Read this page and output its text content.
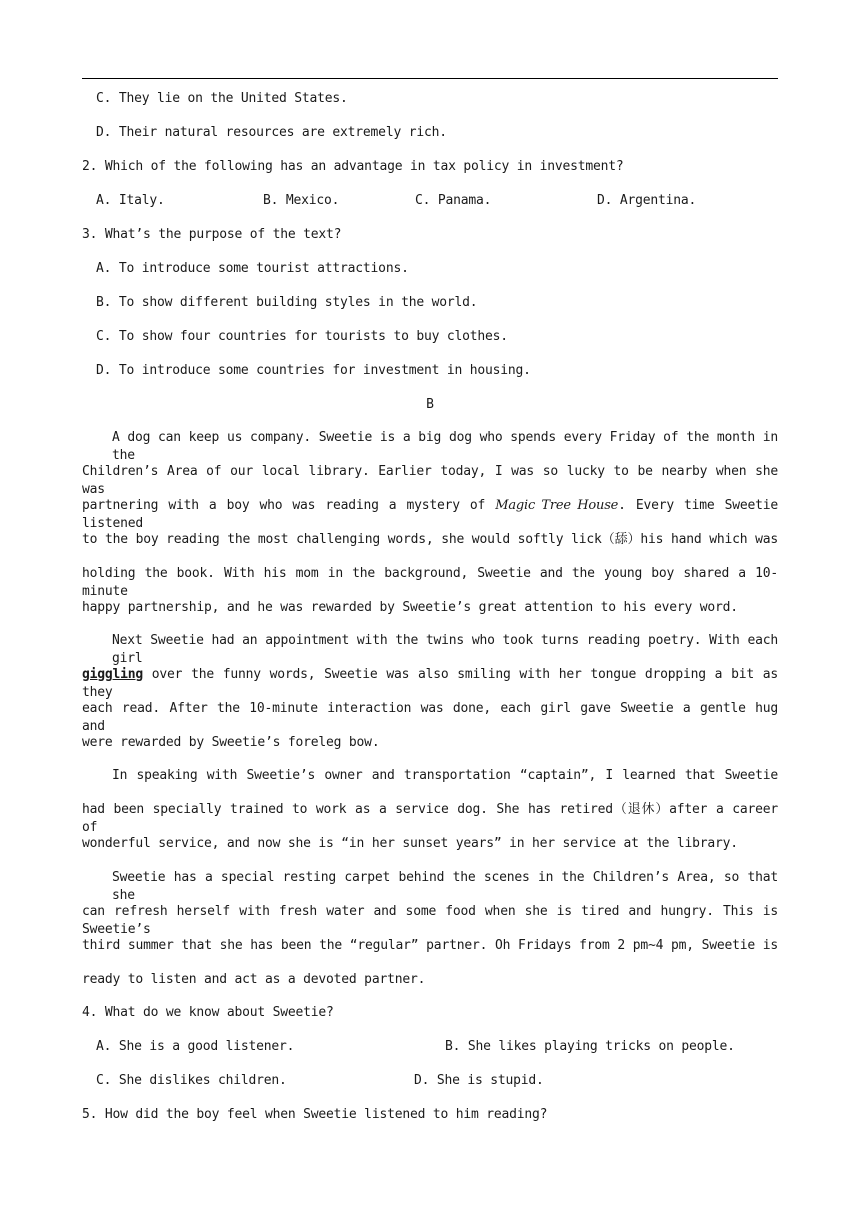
C. They lie on the United States.
D. Their natural resources are extremely rich.
2. Which of the following has an advantage in tax policy in investment?
A. Italy.	B. Mexico.	C. Panama.	D. Argentina.
3. What’s the purpose of the text?
A. To introduce some tourist attractions.
B. To show different building styles in the world.
C. To show four countries for tourists to buy clothes.
D. To introduce some countries for investment in housing.
B
A dog can keep us company. Sweetie is a big dog who spends every Friday of the month in the
Children’s Area of our local library. Earlier today, I was so lucky to be nearby when she was
partnering with a boy who was reading a mystery of Magic Tree House. Every time Sweetie listened
to the boy reading the most challenging words, she would softly lick（舔）his hand which was
holding the book. With his mom in the background, Sweetie and the young boy shared a 10-minute
happy partnership, and he was rewarded by Sweetie’s great attention to his every word.
Next Sweetie had an appointment with the twins who took turns reading poetry. With each girl
giggling over the funny words, Sweetie was also smiling with her tongue dropping a bit as they
each read. After the 10-minute interaction was done, each girl gave Sweetie a gentle hug and
were rewarded by Sweetie’s foreleg bow.
In speaking with Sweetie’s owner and transportation “captain”, I learned that Sweetie
had been specially trained to work as a service dog. She has retired（退休）after a career of
wonderful service, and now she is “in her sunset years” in her service at the library.
Sweetie has a special resting carpet behind the scenes in the Children’s Area, so that she
can refresh herself with fresh water and some food when she is tired and hungry. This is Sweetie’s
third summer that she has been the “regular” partner. Oh Fridays from 2 pm~4 pm, Sweetie is
ready to listen and act as a devoted partner.
4. What do we know about Sweetie?
A. She is a good listener.	B. She likes playing tricks on people.
C. She dislikes children.	D. She is stupid.
5. How did the boy feel when Sweetie listened to him reading?
